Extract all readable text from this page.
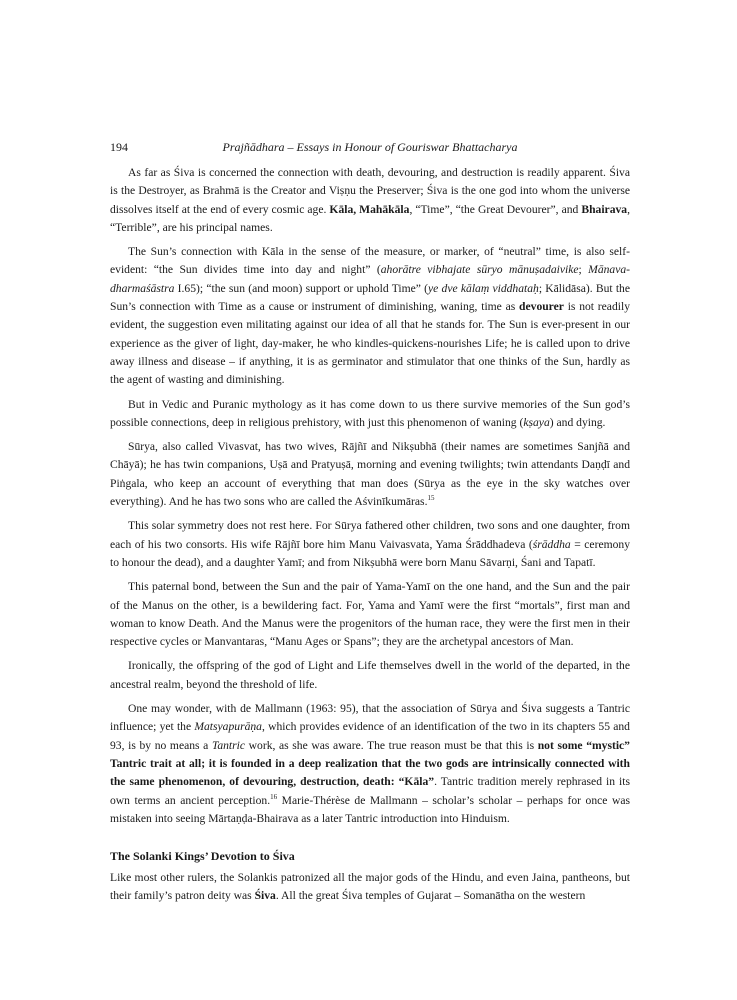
194	Prajñādhara – Essays in Honour of Gouriswar Bhattacharya

As far as Śiva is concerned the connection with death, devouring, and destruction is readily apparent. Śiva is the Destroyer, as Brahmā is the Creator and Viṣṇu the Preserver; Śiva is the one god into whom the universe dissolves itself at the end of every cosmic age. Kāla, Mahākāla, “Time”, “the Great Devourer”, and Bhairava, “Terrible”, are his principal names.

The Sun’s connection with Kāla in the sense of the measure, or marker, of “neutral” time, is also self-evident: “the Sun divides time into day and night” (ahorātre vibhajate sūryo mānuṣadaivike; Mānava-dharmaśāstra I.65); “the sun (and moon) support or uphold Time” (ye dve kālaṃ viddhataḥ; Kālidāsa). But the Sun’s connection with Time as a cause or instrument of diminishing, waning, time as devourer is not readily evident, the suggestion even militating against our idea of all that he stands for. The Sun is ever-present in our experience as the giver of light, day-maker, he who kindles-quickens-nourishes Life; he is called upon to drive away illness and disease – if anything, it is as germinator and stimulator that one thinks of the Sun, hardly as the agent of wasting and diminishing.

But in Vedic and Puranic mythology as it has come down to us there survive memories of the Sun god’s possible connections, deep in religious prehistory, with just this phenomenon of waning (kṣaya) and dying.

Sūrya, also called Vivasvat, has two wives, Rājñī and Nikṣubhā (their names are sometimes Sanjñā and Chāyā); he has twin companions, Uṣā and Pratyuṣā, morning and evening twilights; twin attendants Daṇḍī and Piṅgala, who keep an account of everything that man does (Sūrya as the eye in the sky watches over everything). And he has two sons who are called the Aśvinīkumāras.$^{15}$

This solar symmetry does not rest here. For Sūrya fathered other children, two sons and one daughter, from each of his two consorts. His wife Rājñī bore him Manu Vaivasvata, Yama Śrāddhadeva (śrāddha = ceremony to honour the dead), and a daughter Yamī; and from Nikṣubhā were born Manu Sāvarṇi, Śani and Tapatī.

This paternal bond, between the Sun and the pair of Yama-Yamī on the one hand, and the Sun and the pair of the Manus on the other, is a bewildering fact. For, Yama and Yamī were the first “mortals”, first man and woman to know Death. And the Manus were the progenitors of the human race, they were the first men in their respective cycles or Manvantaras, “Manu Ages or Spans”; they are the archetypal ancestors of Man.

Ironically, the offspring of the god of Light and Life themselves dwell in the world of the departed, in the ancestral realm, beyond the threshold of life.

One may wonder, with de Mallmann (1963: 95), that the association of Sūrya and Śiva suggests a Tantric influence; yet the Matsyapurāṇa, which provides evidence of an identification of the two in its chapters 55 and 93, is by no means a Tantric work, as she was aware. The true reason must be that this is not some “mystic” Tantric trait at all; it is founded in a deep realization that the two gods are intrinsically connected with the same phenomenon, of devouring, destruction, death: “Kāla”. Tantric tradition merely rephrased in its own terms an ancient perception.$^{16}$ Marie-Thérèse de Mallmann – scholar’s scholar – perhaps for once was mistaken into seeing Mārtaṇḍa-Bhairava as a later Tantric introduction into Hinduism.

The Solanki Kings’ Devotion to Śiva

Like most other rulers, the Solankis patronized all the major gods of the Hindu, and even Jaina, pantheons, but their family’s patron deity was Śiva. All the great Śiva temples of Gujarat – Somanātha on the western
